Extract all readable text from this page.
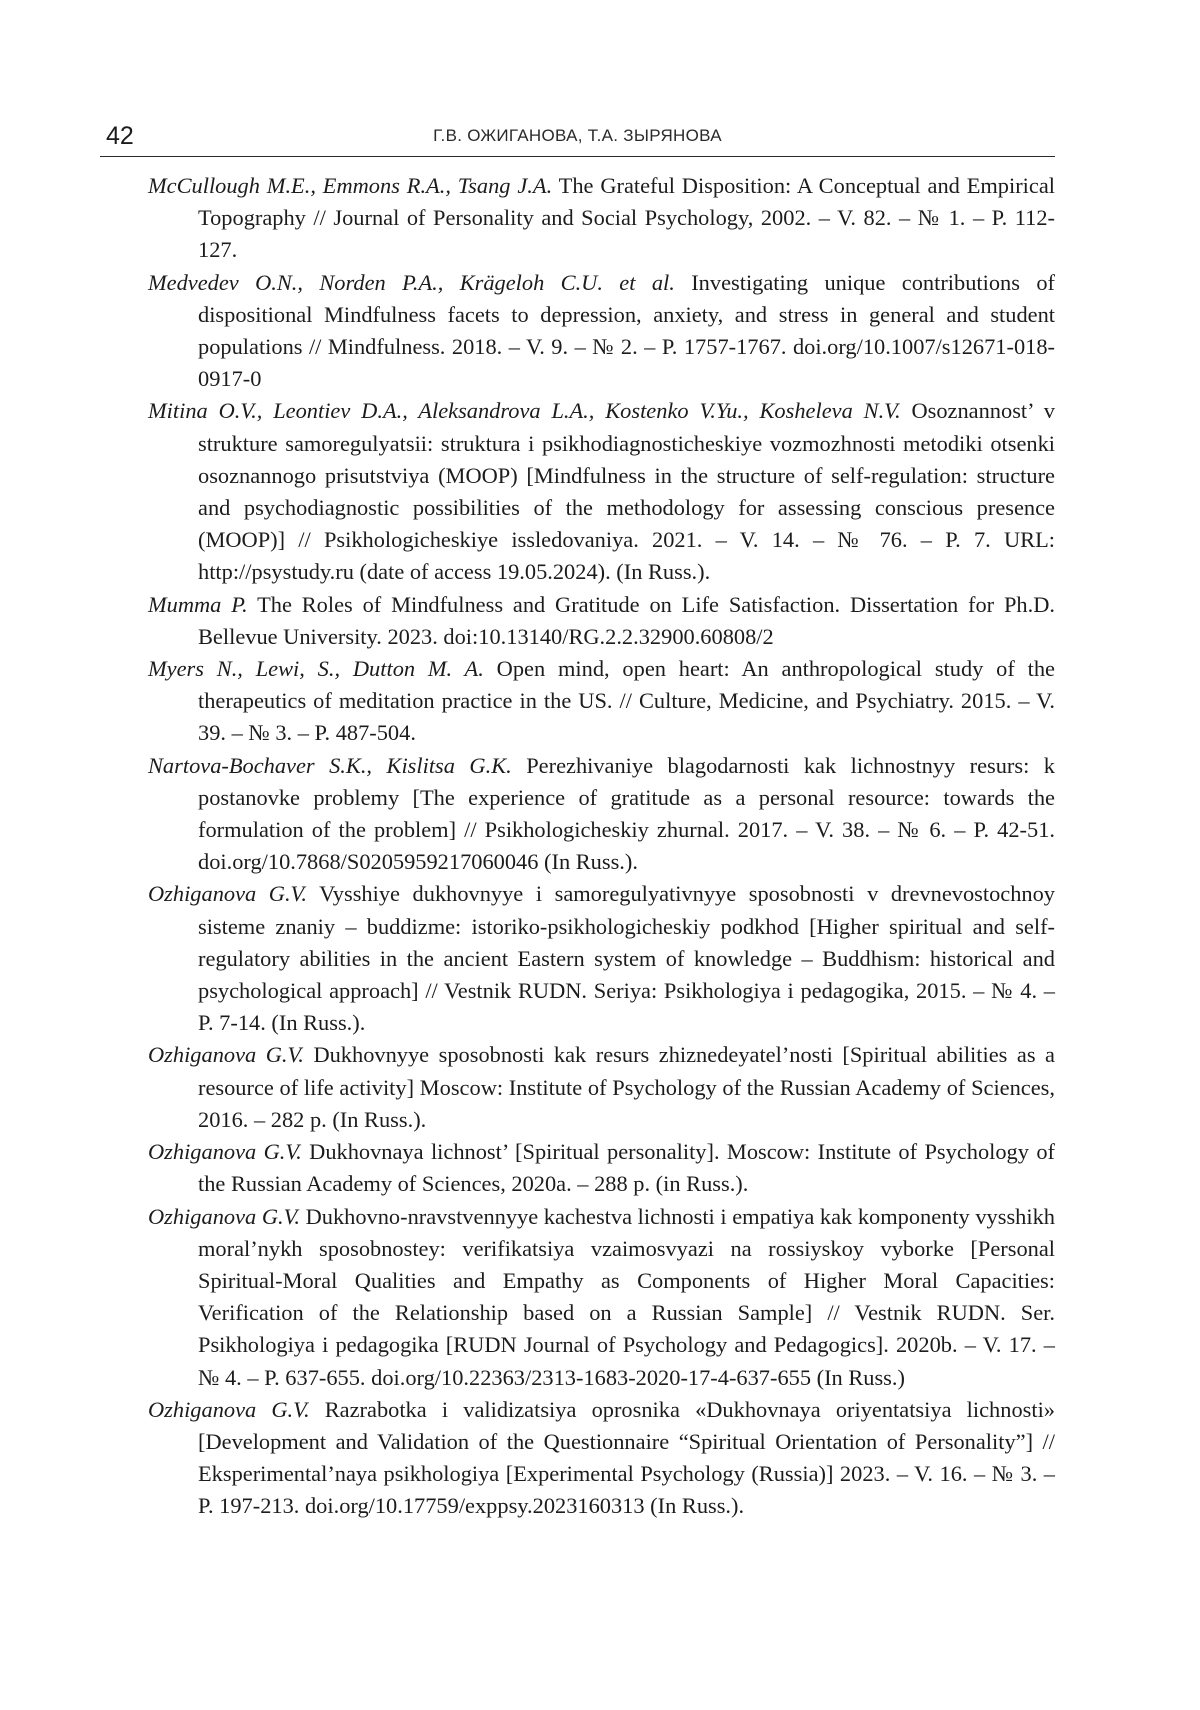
42	Г.В. ОЖИГАНОВА, Т.А. ЗЫРЯНОВА

McCullough M.E., Emmons R.A., Tsang J.A. The Grateful Disposition: A Conceptual and Empirical Topography // Journal of Personality and Social Psychology, 2002. – V. 82. – № 1. – P. 112-127.

Medvedev O.N., Norden P.A., Krägeloh C.U. et al. Investigating unique contributions of dispositional Mindfulness facets to depression, anxiety, and stress in general and student populations // Mindfulness. 2018. – V. 9. – № 2. – P. 1757-1767. doi.org/10.1007/s12671-018-0917-0

Mitina O.V., Leontiev D.A., Aleksandrova L.A., Kostenko V.Yu., Kosheleva N.V. Osoznannost’ v strukture samoregulyatsii: struktura i psikhodiagnosticheskiye vozmozhnosti metodiki otsenki osoznannogo prisutstviya (MOOP) [Mindfulness in the structure of self-regulation: structure and psychodiagnostic possibilities of the methodology for assessing conscious presence (MOOP)] // Psikhologicheskiye issledovaniya. 2021. – V. 14. – № 76. – P. 7. URL: http://psystudy.ru (date of access 19.05.2024). (In Russ.).

Mumma P. The Roles of Mindfulness and Gratitude on Life Satisfaction. Dissertation for Ph.D. Bellevue University. 2023. doi:10.13140/RG.2.2.32900.60808/2

Myers N., Lewi, S., Dutton M. A. Open mind, open heart: An anthropological study of the therapeutics of meditation practice in the US. // Culture, Medicine, and Psychiatry. 2015. – V. 39. – № 3. – P. 487-504.

Nartova-Bochaver S.K., Kislitsa G.K. Perezhivaniye blagodarnosti kak lichnostnyy resurs: k postanovke problemy [The experience of gratitude as a personal resource: towards the formulation of the problem] // Psikhologicheskiy zhurnal. 2017. – V. 38. – № 6. – P. 42-51. doi.org/10.7868/S0205959217060046 (In Russ.).

Ozhiganova G.V. Vysshiye dukhovnyye i samoregulyativnyye sposobnosti v drevnevostochnoy sisteme znaniy – buddizme: istoriko-psikhologicheskiy podkhod [Higher spiritual and self-regulatory abilities in the ancient Eastern system of knowledge – Buddhism: historical and psychological approach] // Vestnik RUDN. Seriya: Psikhologiya i pedagogika, 2015. – № 4. – P. 7-14. (In Russ.).

Ozhiganova G.V. Dukhovnyye sposobnosti kak resurs zhiznedeyatel’nosti [Spiritual abilities as a resource of life activity] Moscow: Institute of Psychology of the Russian Academy of Sciences, 2016. – 282 p. (In Russ.).

Ozhiganova G.V. Dukhovnaya lichnost’ [Spiritual personality]. Moscow: Institute of Psychology of the Russian Academy of Sciences, 2020a. – 288 p. (in Russ.).

Ozhiganova G.V. Dukhovno-nravstvennyye kachestva lichnosti i empatiya kak komponenty vysshikh moral’nykh sposobnostey: verifikatsiya vzaimosvyazi na rossiyskoy vyborke [Personal Spiritual-Moral Qualities and Empathy as Components of Higher Moral Capacities: Verification of the Relationship based on a Russian Sample] // Vestnik RUDN. Ser. Psikhologiya i pedagogika [RUDN Journal of Psychology and Pedagogics]. 2020b. – V. 17. – № 4. – P. 637-655. doi.org/10.22363/2313-1683-2020-17-4-637-655 (In Russ.)

Ozhiganova G.V. Razrabotka i validizatsiya oprosnika «Dukhovnaya oriyentatsiya lichnosti» [Development and Validation of the Questionnaire “Spiritual Orientation of Personality”] // Eksperimental’naya psikhologiya [Experimental Psychology (Russia)] 2023. – V. 16. – № 3. – P. 197-213. doi.org/10.17759/exppsy.2023160313 (In Russ.).
